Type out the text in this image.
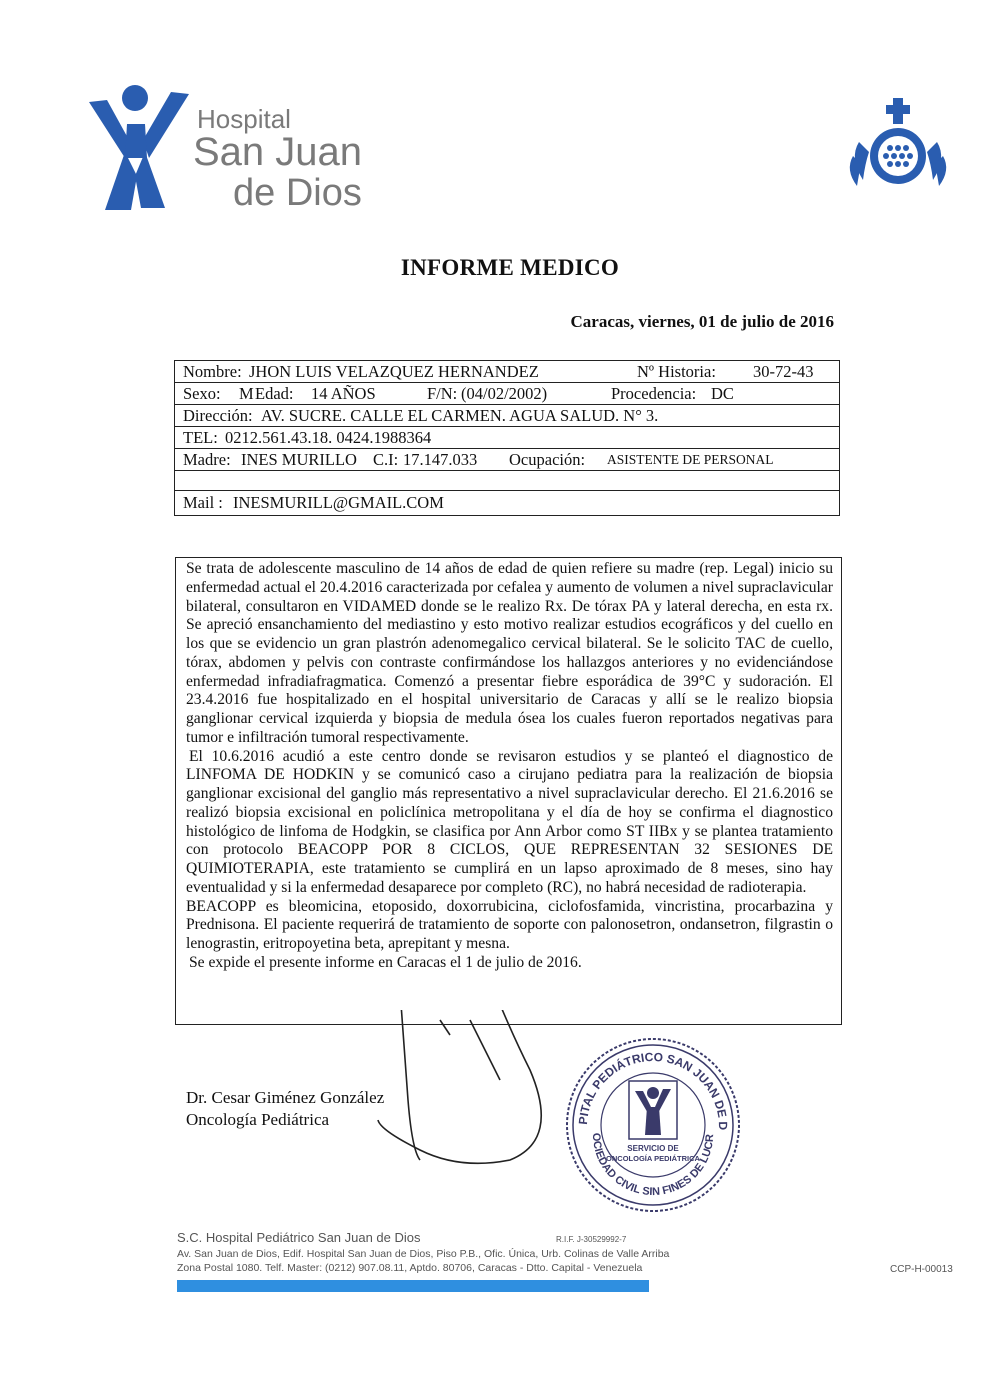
Hospital
San Juan
de Dios
INFORME MEDICO
Caracas, viernes, 01 de julio de 2016
Nombre: JHON LUIS VELAZQUEZ HERNANDEZ	Nº Historia: 30-72-43
Sexo: M Edad: 14 AÑOS	F/N: (04/02/2002)	Procedencia: DC
Dirección: AV. SUCRE. CALLE EL CARMEN. AGUA SALUD. N° 3.
TEL: 0212.561.43.18. 0424.1988364
Madre: INES MURILLO C.I: 17.147.033 Ocupación: ASISTENTE DE PERSONAL
Mail : INESMURILL@GMAIL.COM

Se trata de adolescente masculino de 14 años de edad de quien refiere su madre (rep. Legal) inicio su enfermedad actual el 20.4.2016 caracterizada por cefalea y aumento de volumen a nivel supraclavicular bilateral, consultaron en VIDAMED donde se le realizo Rx. De tórax PA y lateral derecha, en esta rx. Se apreció ensanchamiento del mediastino y esto motivo realizar estudios ecográficos y del cuello en los que se evidencio un gran plastrón adenomegalico cervical bilateral. Se le solicito TAC de cuello, tórax, abdomen y pelvis con contraste confirmándose los hallazgos anteriores y no evidenciándose enfermedad infradiafragmatica. Comenzó a presentar fiebre esporádica de 39°C y sudoración. El 23.4.2016 fue hospitalizado en el hospital universitario de Caracas y allí se le realizo biopsia ganglionar cervical izquierda y biopsia de medula ósea los cuales fueron reportados negativas para tumor e infiltración tumoral respectivamente.

El 10.6.2016 acudió a este centro donde se revisaron estudios y se planteó el diagnostico de LINFOMA DE HODKIN y se comunicó caso a cirujano pediatra para la realización de biopsia ganglionar excisional del ganglio más representativo a nivel supraclavicular derecho. El 21.6.2016 se realizó biopsia excisional en policlínica metropolitana y el día de hoy se confirma el diagnostico histológico de linfoma de Hodgkin, se clasifica por Ann Arbor como ST IIBx y se plantea tratamiento con protocolo BEACOPP POR 8 CICLOS, QUE REPRESENTAN 32 SESIONES DE QUIMIOTERAPIA, este tratamiento se cumplirá en un lapso aproximado de 8 meses, sino hay eventualidad y si la enfermedad desaparece por completo (RC), no habrá necesidad de radioterapia.

BEACOPP es bleomicina, etoposido, doxorrubicina, ciclofosfamida, vincristina, procarbazina y Prednisona. El paciente requerirá de tratamiento de soporte con palonosetron, ondansetron, filgrastin o lenograstin, eritropoyetina beta, aprepitant y mesna.

Se expide el presente informe en Caracas el 1 de julio de 2016.

Dr. Cesar Giménez González
Oncología Pediátrica	PITAL PEDIÁTRICO SAN JUAN DE D
OCIEDAD CIVIL SIN FINES DE LUCR
SERVICIO DE
ONCOLOGÍA PEDIÁTRICA
S.C. Hospital Pediátrico San Juan de Dios	R.I.F. J-30529992-7
Av. San Juan de Dios, Edif. Hospital San Juan de Dios, Piso P.B., Ofic. Única, Urb. Colinas de Valle Arriba
Zona Postal 1080. Telf. Master: (0212) 907.08.11, Aptdo. 80706, Caracas - Dtto. Capital - Venezuela	CCP-H-00013
